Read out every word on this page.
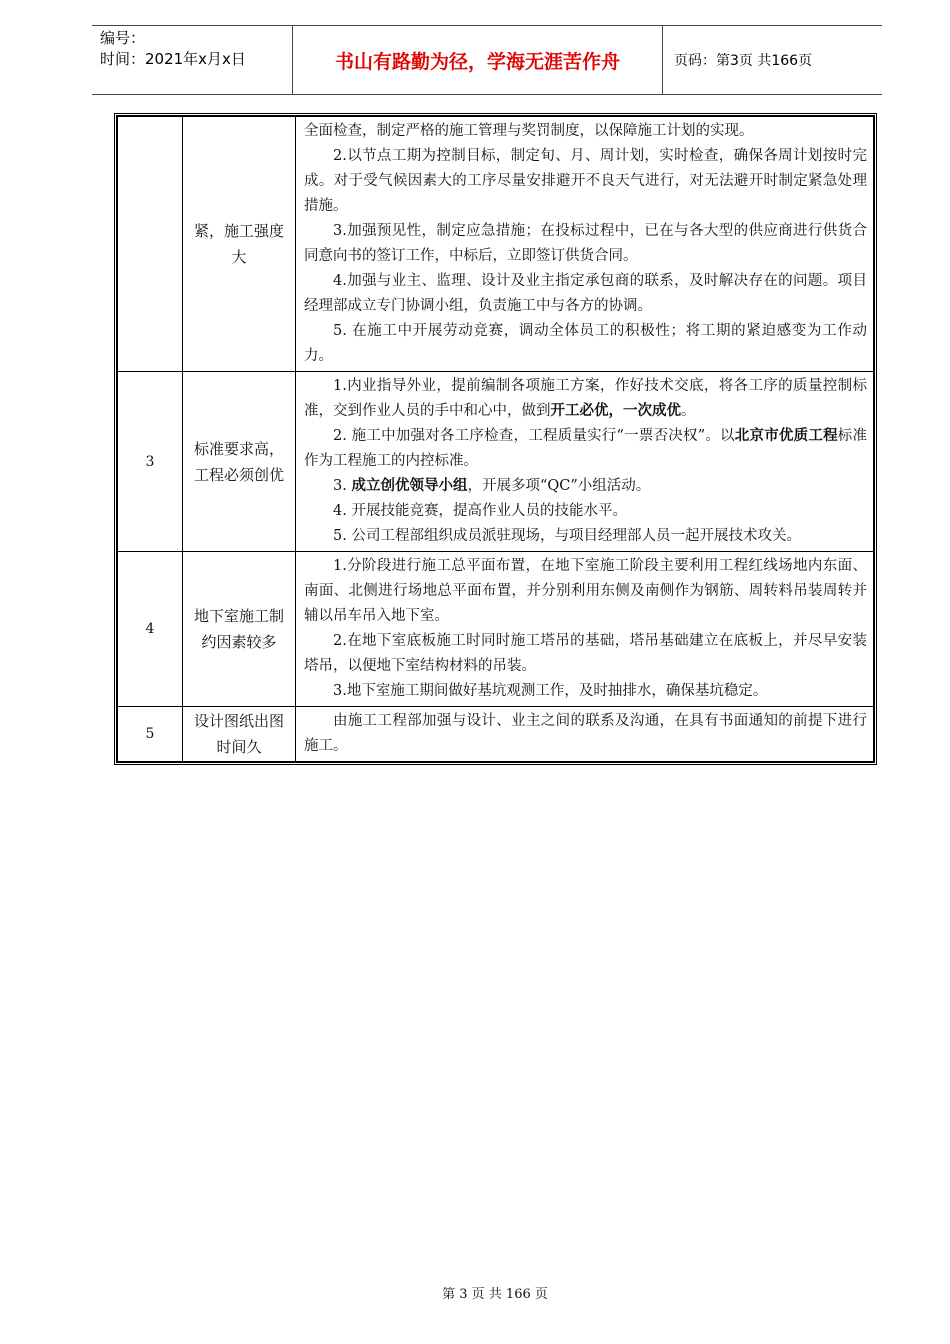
编号：
时间：2021年x月x日	书山有路勤为径，学海无涯苦作舟	页码：第3页 共166页
	紧，施工强度大	全面检查，制定严格的施工管理与奖罚制度，以保障施工计划的实现。

2.以节点工期为控制目标，制定旬、月、周计划，实时检查，确保各周计划按时完成。对于受气候因素大的工序尽量安排避开不良天气进行，对无法避开时制定紧急处理措施。

3.加强预见性，制定应急措施；在投标过程中，已在与各大型的供应商进行供货合同意向书的签订工作，中标后，立即签订供货合同。

4.加强与业主、监理、设计及业主指定承包商的联系，及时解决存在的问题。项目经理部成立专门协调小组，负责施工中与各方的协调。

5. 在施工中开展劳动竞赛，调动全体员工的积极性；将工期的紧迫感变为工作动力。

3	标准要求高，工程必须创优	1.内业指导外业，提前编制各项施工方案，作好技术交底，将各工序的质量控制标准，交到作业人员的手中和心中，做到开工必优，一次成优。

2. 施工中加强对各工序检查，工程质量实行“一票否决权”。以北京市优质工程标准作为工程施工的内控标准。

3. 成立创优领导小组，开展多项“QC”小组活动。

4. 开展技能竞赛，提高作业人员的技能水平。

5. 公司工程部组织成员派驻现场，与项目经理部人员一起开展技术攻关。

4	地下室施工制约因素较多	1.分阶段进行施工总平面布置，在地下室施工阶段主要利用工程红线场地内东面、南面、北侧进行场地总平面布置，并分别利用东侧及南侧作为钢筋、周转料吊装周转并辅以吊车吊入地下室。

2.在地下室底板施工时同时施工塔吊的基础，塔吊基础建立在底板上，并尽早安装塔吊，以便地下室结构材料的吊装。

3.地下室施工期间做好基坑观测工作，及时抽排水，确保基坑稳定。

5	设计图纸出图时间久	由施工工程部加强与设计、业主之间的联系及沟通，在具有书面通知的前提下进行施工。

第 3 页 共 166 页
